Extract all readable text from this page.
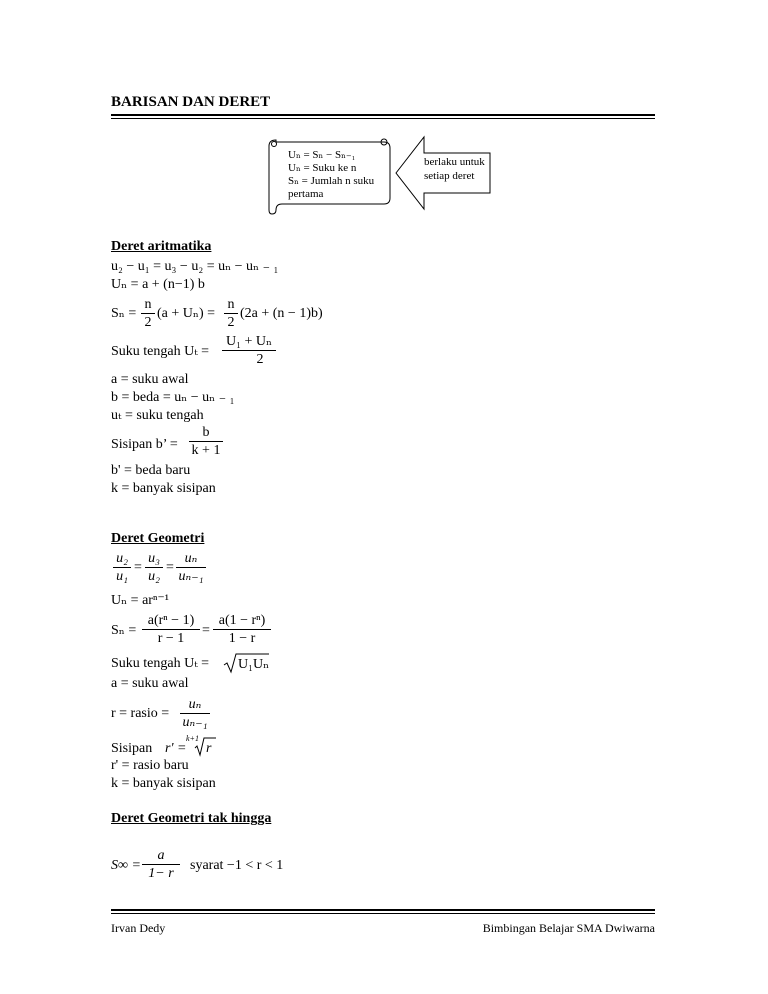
BARISAN DAN DERET
Uₙ = Sₙ − Sₙ₋₁
Uₙ = Suku ke n
Sₙ = Jumlah n suku
pertama
berlaku untuk
setiap deret
Deret aritmatika
u₂ − u₁ = u₃ − u₂ = uₙ − uₙ ₋ ₁
Uₙ = a + (n−1) b
Sₙ =
n
2
(a + Uₙ) =
n
2
(2a + (n − 1)b)
Suku tengah Uₜ =
U₁ + Uₙ
2
a = suku awal
b = beda = uₙ − uₙ ₋ ₁
uₜ = suku tengah
Sisipan b’ =
b
k + 1
b' = beda baru
k = banyak sisipan
Deret Geometri
u₂
u₁
=
u₃
u₂
=
uₙ
uₙ₋₁
Uₙ = arⁿ⁻¹
Sₙ =
a(rⁿ − 1)
r − 1
=
a(1 − rⁿ)
1 − r
Suku tengah Uₜ = U₁Uₙ
a = suku awal
r = rasio =
uₙ
uₙ₋₁
Sisipan r' =
k+1
r
r' = rasio baru
k = banyak sisipan
Deret Geometri tak hingga
S∞ =
a
1− r
syarat −1 < r < 1
Irvan Dedy	Bimbingan Belajar SMA Dwiwarna
